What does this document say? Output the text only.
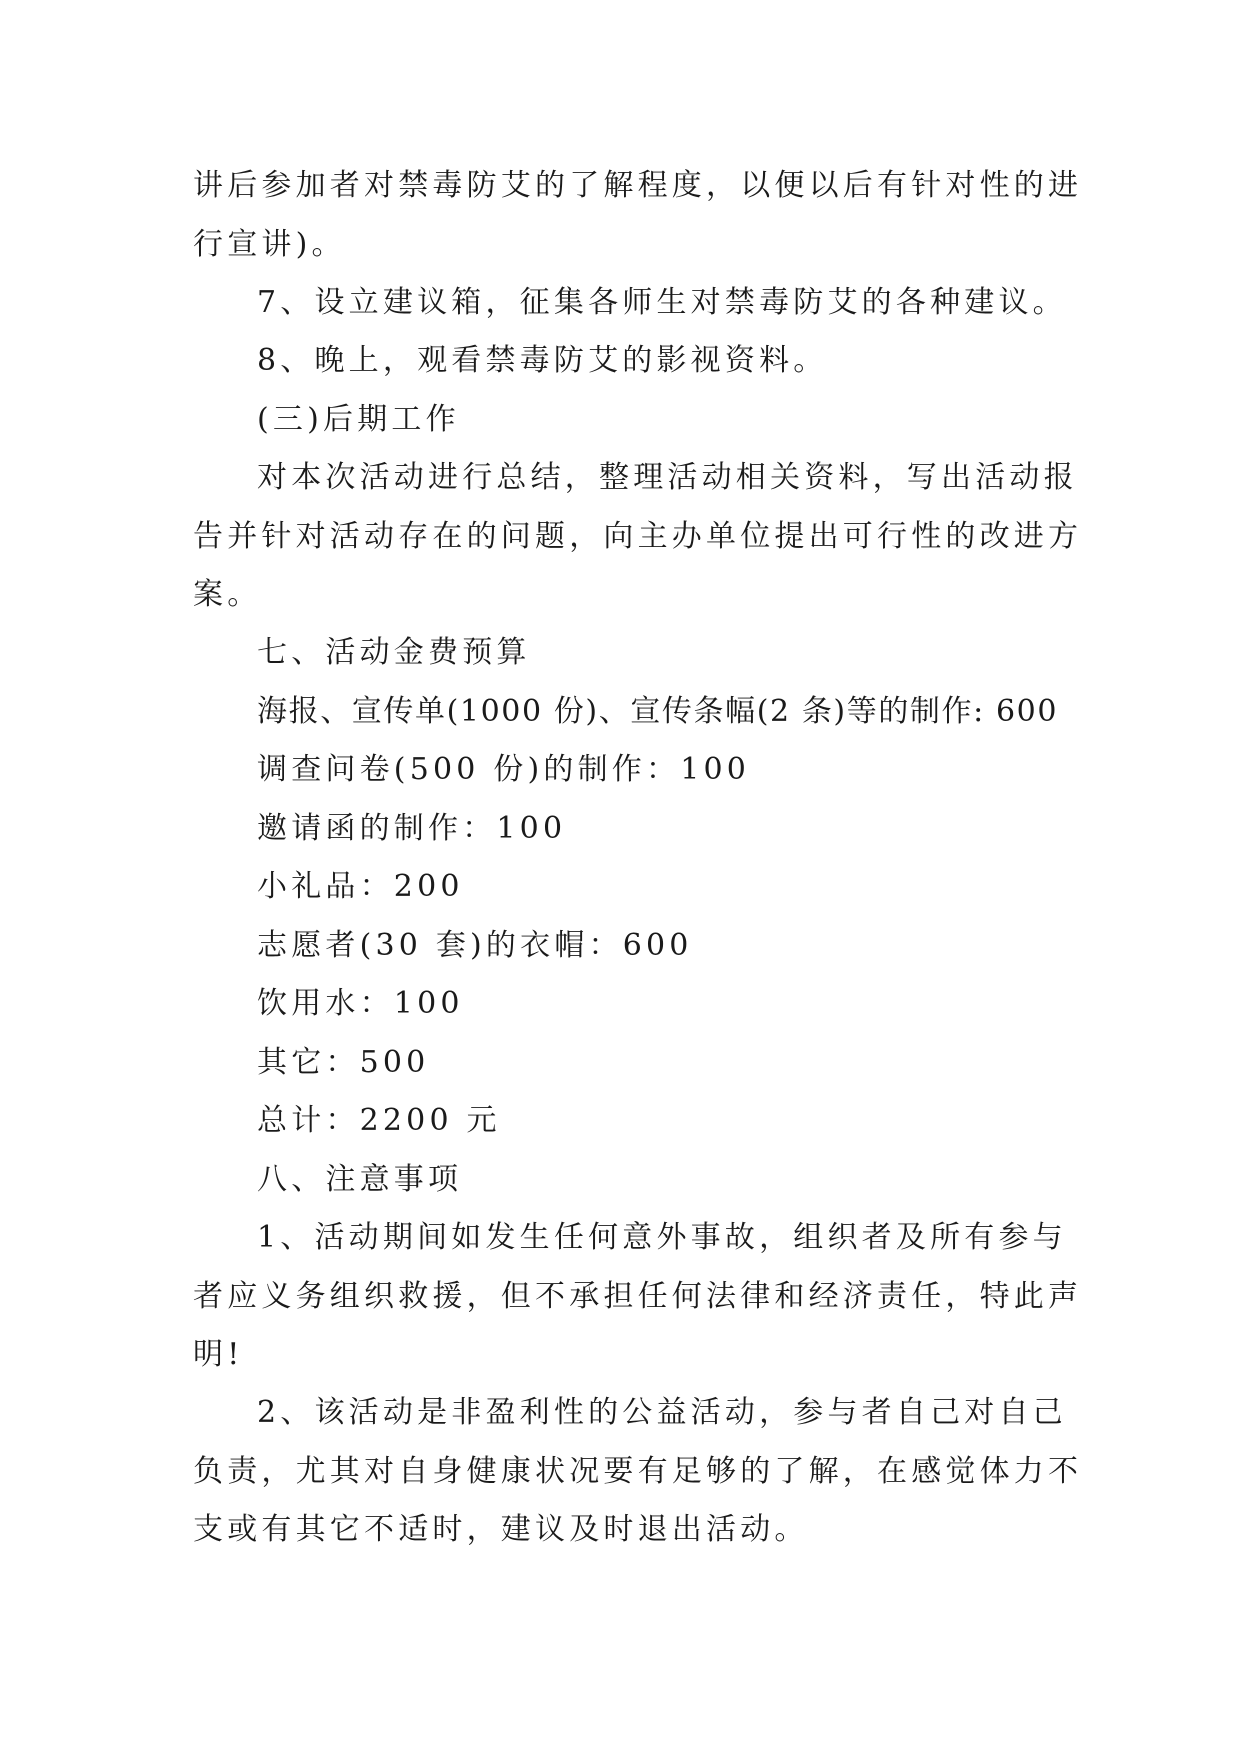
讲后参加者对禁毒防艾的了解程度，以便以后有针对性的进
行宣讲)。
7、设立建议箱，征集各师生对禁毒防艾的各种建议。
8、晚上，观看禁毒防艾的影视资料。
(三)后期工作
对本次活动进行总结，整理活动相关资料，写出活动报
告并针对活动存在的问题，向主办单位提出可行性的改进方
案。
七、活动金费预算
海报、宣传单(1000 份)、宣传条幅(2 条)等的制作: 600
调查问卷(500 份)的制作：100
邀请函的制作：100
小礼品：200
志愿者(30 套)的衣帽：600
饮用水：100
其它：500
总计：2200 元
八、注意事项
1、活动期间如发生任何意外事故，组织者及所有参与
者应义务组织救援，但不承担任何法律和经济责任，特此声
明!
2、该活动是非盈利性的公益活动，参与者自己对自己
负责，尤其对自身健康状况要有足够的了解，在感觉体力不
支或有其它不适时，建议及时退出活动。
